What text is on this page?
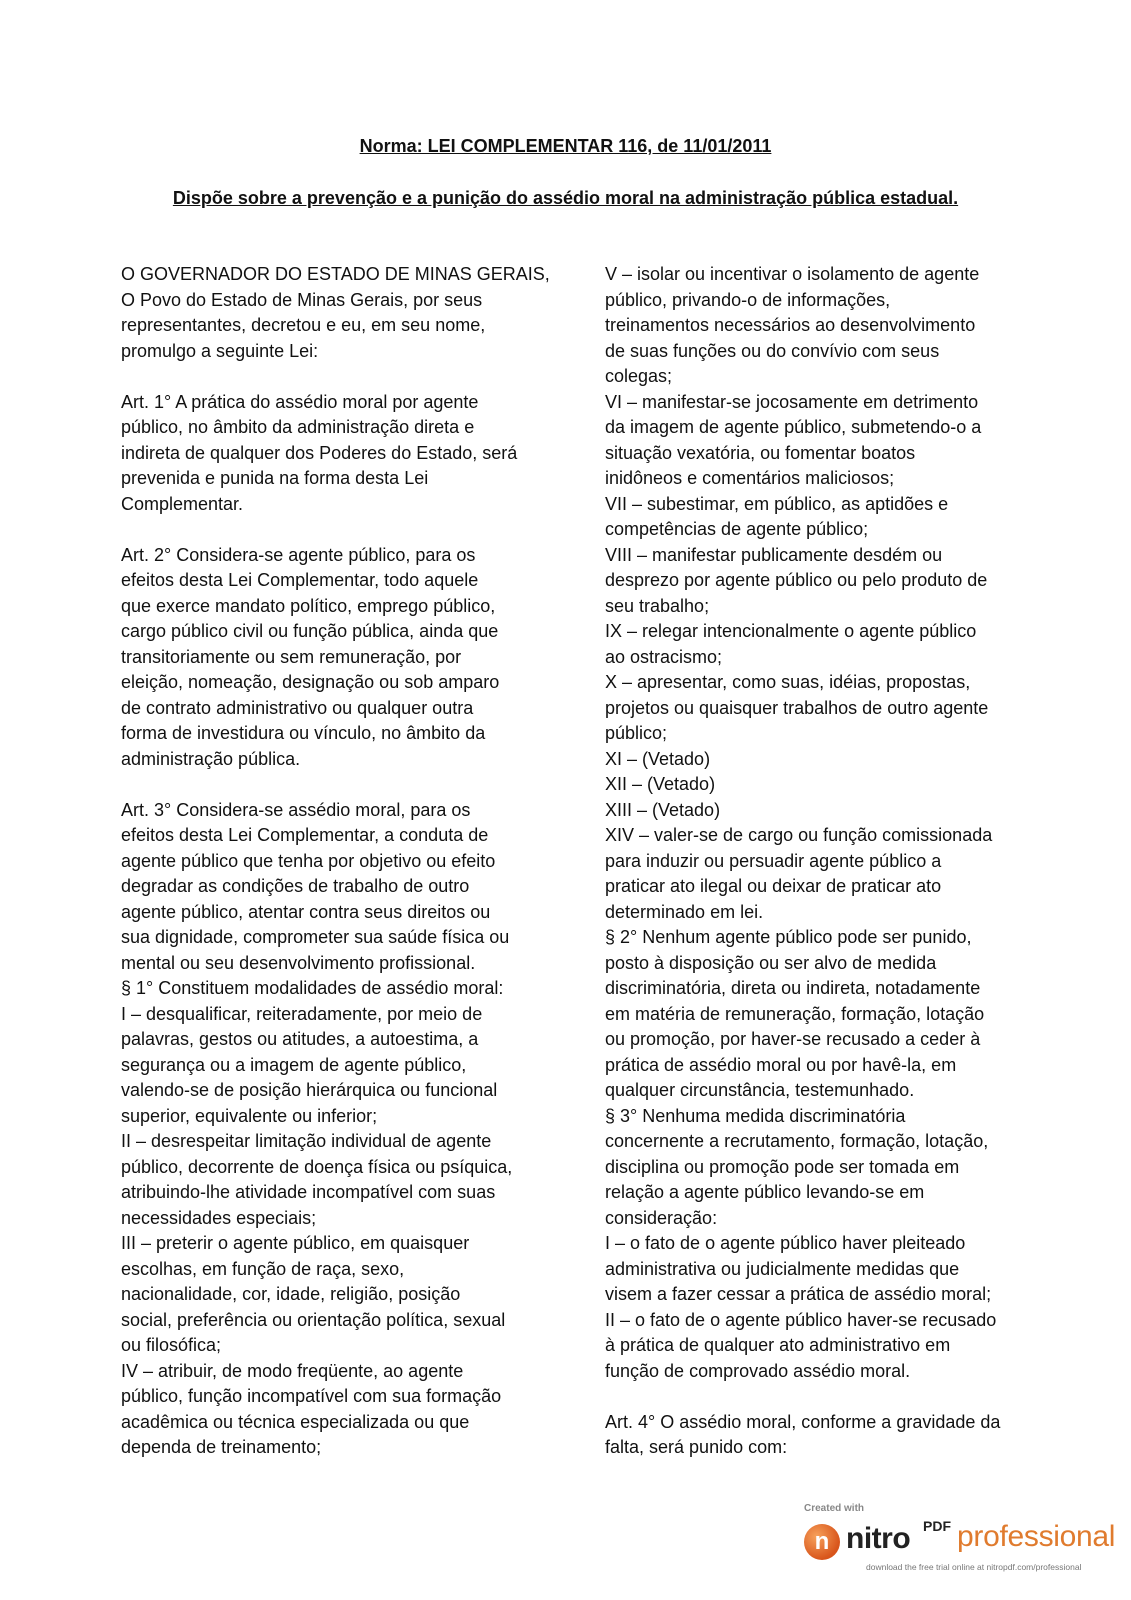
Norma: LEI COMPLEMENTAR 116, de 11/01/2011
Dispõe sobre a prevenção e a punição do assédio moral na administração pública estadual.
O GOVERNADOR DO ESTADO DE MINAS GERAIS,
O Povo do Estado de Minas Gerais, por seus
representantes, decretou e eu, em seu nome,
promulgo a seguinte Lei:
Art. 1° A prática do assédio moral por agente
público, no âmbito da administração direta e
indireta de qualquer dos Poderes do Estado, será
prevenida e punida na forma desta Lei
Complementar.
Art. 2° Considera-se agente público, para os
efeitos desta Lei Complementar, todo aquele
que exerce mandato político, emprego público,
cargo público civil ou função pública, ainda que
transitoriamente ou sem remuneração, por
eleição, nomeação, designação ou sob amparo
de contrato administrativo ou qualquer outra
forma de investidura ou vínculo, no âmbito da
administração pública.
Art. 3° Considera-se assédio moral, para os
efeitos desta Lei Complementar, a conduta de
agente público que tenha por objetivo ou efeito
degradar as condições de trabalho de outro
agente público, atentar contra seus direitos ou
sua dignidade, comprometer sua saúde física ou
mental ou seu desenvolvimento profissional.
§ 1° Constituem modalidades de assédio moral:
I – desqualificar, reiteradamente, por meio de
palavras, gestos ou atitudes, a autoestima, a
segurança ou a imagem de agente público,
valendo-se de posição hierárquica ou funcional
superior, equivalente ou inferior;
II – desrespeitar limitação individual de agente
público, decorrente de doença física ou psíquica,
atribuindo-lhe atividade incompatível com suas
necessidades especiais;
III – preterir o agente público, em quaisquer
escolhas, em função de raça, sexo,
nacionalidade, cor, idade, religião, posição
social, preferência ou orientação política, sexual
ou filosófica;
IV – atribuir, de modo freqüente, ao agente
público, função incompatível com sua formação
acadêmica ou técnica especializada ou que
dependa de treinamento;
V – isolar ou incentivar o isolamento de agente
público, privando-o de informações,
treinamentos necessários ao desenvolvimento
de suas funções ou do convívio com seus
colegas;
VI – manifestar-se jocosamente em detrimento
da imagem de agente público, submetendo-o a
situação vexatória, ou fomentar boatos
inidôneos e comentários maliciosos;
VII – subestimar, em público, as aptidões e
competências de agente público;
VIII – manifestar publicamente desdém ou
desprezo por agente público ou pelo produto de
seu trabalho;
IX – relegar intencionalmente o agente público
ao ostracismo;
X – apresentar, como suas, idéias, propostas,
projetos ou quaisquer trabalhos de outro agente
público;
XI – (Vetado)
XII – (Vetado)
XIII – (Vetado)
XIV – valer-se de cargo ou função comissionada
para induzir ou persuadir agente público a
praticar ato ilegal ou deixar de praticar ato
determinado em lei.
§ 2° Nenhum agente público pode ser punido,
posto à disposição ou ser alvo de medida
discriminatória, direta ou indireta, notadamente
em matéria de remuneração, formação, lotação
ou promoção, por haver-se recusado a ceder à
prática de assédio moral ou por havê-la, em
qualquer circunstância, testemunhado.
§ 3° Nenhuma medida discriminatória
concernente a recrutamento, formação, lotação,
disciplina ou promoção pode ser tomada em
relação a agente público levando-se em
consideração:
I – o fato de o agente público haver pleiteado
administrativa ou judicialmente medidas que
visem a fazer cessar a prática de assédio moral;
II – o fato de o agente público haver-se recusado
à prática de qualquer ato administrativo em
função de comprovado assédio moral.
Art. 4° O assédio moral, conforme a gravidade da
falta, será punido com:
Created with
n nitro PDF professional
download the free trial online at nitropdf.com/professional
